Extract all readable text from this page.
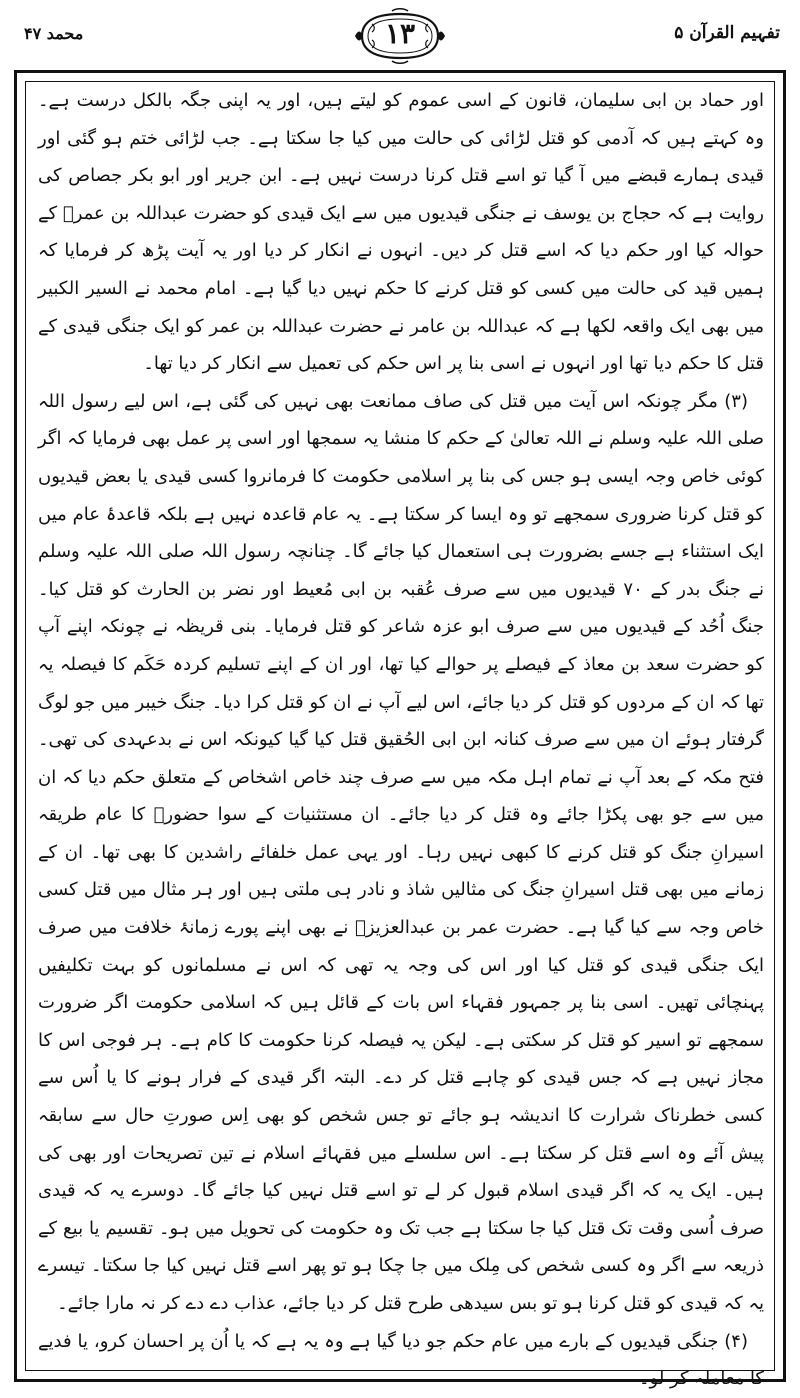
محمد ۴۷	۱۳	تفہیم القرآن ۵

اور حماد بن ابی سلیمان، قانون کے اسی عموم کو لیتے ہیں، اور یہ اپنی جگہ بالکل درست ہے۔ وہ کہتے ہیں کہ آدمی کو قتل لڑائی کی حالت میں کیا جا سکتا ہے۔ جب لڑائی ختم ہو گئی اور قیدی ہمارے قبضے میں آ گیا تو اسے قتل کرنا درست نہیں ہے۔ ابن جریر اور ابو بکر جصاص کی روایت ہے کہ حجاج بن یوسف نے جنگی قیدیوں میں سے ایک قیدی کو حضرت عبداللہ بن عمرؓ کے حوالہ کیا اور حکم دیا کہ اسے قتل کر دیں۔ انہوں نے انکار کر دیا اور یہ آیت پڑھ کر فرمایا کہ ہمیں قید کی حالت میں کسی کو قتل کرنے کا حکم نہیں دیا گیا ہے۔ امام محمد نے السیر الکبیر میں بھی ایک واقعہ لکھا ہے کہ عبداللہ بن عامر نے حضرت عبداللہ بن عمر کو ایک جنگی قیدی کے قتل کا حکم دیا تھا اور انہوں نے اسی بنا پر اس حکم کی تعمیل سے انکار کر دیا تھا۔

(۳) مگر چونکہ اس آیت میں قتل کی صاف ممانعت بھی نہیں کی گئی ہے، اس لیے رسول اللہ صلی اللہ علیہ وسلم نے اللہ تعالیٰ کے حکم کا منشا یہ سمجھا اور اسی پر عمل بھی فرمایا کہ اگر کوئی خاص وجہ ایسی ہو جس کی بنا پر اسلامی حکومت کا فرمانروا کسی قیدی یا بعض قیدیوں کو قتل کرنا ضروری سمجھے تو وہ ایسا کر سکتا ہے۔ یہ عام قاعدہ نہیں ہے بلکہ قاعدۂ عام میں ایک استثناء ہے جسے بضرورت ہی استعمال کیا جائے گا۔ چنانچہ رسول اللہ صلی اللہ علیہ وسلم نے جنگ بدر کے ۷۰ قیدیوں میں سے صرف عُقبہ بن ابی مُعیط اور نضر بن الحارث کو قتل کیا۔ جنگ اُحُد کے قیدیوں میں سے صرف ابو عزہ شاعر کو قتل فرمایا۔ بنی قریظہ نے چونکہ اپنے آپ کو حضرت سعد بن معاذ کے فیصلے پر حوالے کیا تھا، اور ان کے اپنے تسلیم کردہ حَکَم کا فیصلہ یہ تھا کہ ان کے مردوں کو قتل کر دیا جائے، اس لیے آپ نے ان کو قتل کرا دیا۔ جنگ خیبر میں جو لوگ گرفتار ہوئے ان میں سے صرف کنانہ ابن ابی الحُقیق قتل کیا گیا کیونکہ اس نے بدعہدی کی تھی۔ فتح مکہ کے بعد آپ نے تمام اہل مکہ میں سے صرف چند خاص اشخاص کے متعلق حکم دیا کہ ان میں سے جو بھی پکڑا جائے وہ قتل کر دیا جائے۔ ان مستثنیات کے سوا حضورؐ کا عام طریقہ اسیرانِ جنگ کو قتل کرنے کا کبھی نہیں رہا۔ اور یہی عمل خلفائے راشدین کا بھی تھا۔ ان کے زمانے میں بھی قتل اسیرانِ جنگ کی مثالیں شاذ و نادر ہی ملتی ہیں اور ہر مثال میں قتل کسی خاص وجہ سے کیا گیا ہے۔ حضرت عمر بن عبدالعزیزؒ نے بھی اپنے پورے زمانۂ خلافت میں صرف ایک جنگی قیدی کو قتل کیا اور اس کی وجہ یہ تھی کہ اس نے مسلمانوں کو بہت تکلیفیں پہنچائی تھیں۔ اسی بنا پر جمہور فقہاء اس بات کے قائل ہیں کہ اسلامی حکومت اگر ضرورت سمجھے تو اسیر کو قتل کر سکتی ہے۔ لیکن یہ فیصلہ کرنا حکومت کا کام ہے۔ ہر فوجی اس کا مجاز نہیں ہے کہ جس قیدی کو چاہے قتل کر دے۔ البتہ اگر قیدی کے فرار ہونے کا یا اُس سے کسی خطرناک شرارت کا اندیشہ ہو جائے تو جس شخص کو بھی اِس صورتِ حال سے سابقہ پیش آئے وہ اسے قتل کر سکتا ہے۔ اس سلسلے میں فقہائے اسلام نے تین تصریحات اور بھی کی ہیں۔ ایک یہ کہ اگر قیدی اسلام قبول کر لے تو اسے قتل نہیں کیا جائے گا۔ دوسرے یہ کہ قیدی صرف اُسی وقت تک قتل کیا جا سکتا ہے جب تک وہ حکومت کی تحویل میں ہو۔ تقسیم یا بیع کے ذریعہ سے اگر وہ کسی شخص کی مِلک میں جا چکا ہو تو پھر اسے قتل نہیں کیا جا سکتا۔ تیسرے یہ کہ قیدی کو قتل کرنا ہو تو بس سیدھی طرح قتل کر دیا جائے، عذاب دے دے کر نہ مارا جائے۔

(۴) جنگی قیدیوں کے بارے میں عام حکم جو دیا گیا ہے وہ یہ ہے کہ یا اُن پر احسان کرو، یا فدیے کا معاملہ کر لو۔
